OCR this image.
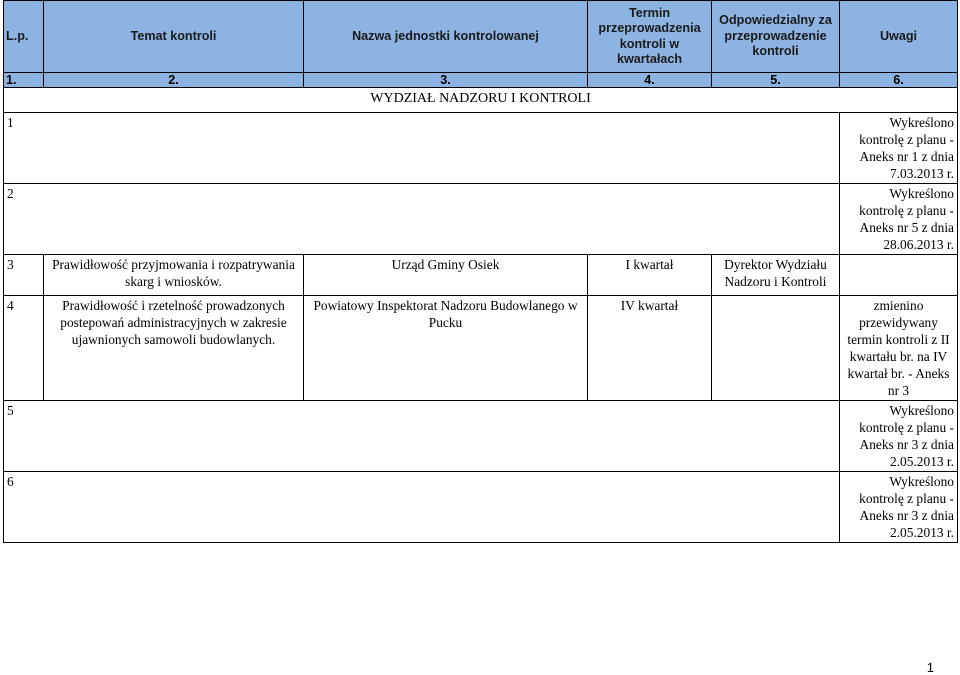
L.p.	Temat kontroli	Nazwa jednostki kontrolowanej	Termin przeprowadzenia kontroli w kwartałach	Odpowiedzialny za przeprowadzenie kontroli	Uwagi
1.	2.	3.	4.	5.	6.
WYDZIAŁ NADZORU I KONTROLI					
1					Wykreślono kontrolę z planu - Aneks nr 1 z dnia 7.03.2013 r.
2					Wykreślono kontrolę z planu - Aneks nr 5 z dnia 28.06.2013 r.
3	Prawidłowość przyjmowania i rozpatrywania skarg i wniosków.	Urząd Gminy Osiek	I kwartał	Dyrektor Wydziału Nadzoru i Kontroli	
4	Prawidłowość i rzetelność prowadzonych postepowań administracyjnych w zakresie ujawnionych samowoli budowlanych.	Powiatowy Inspektorat Nadzoru Budowlanego w Pucku	IV kwartał		zmienino przewidywany termin kontroli z II kwartału br. na IV kwartał br. - Aneks nr 3
5					Wykreślono kontrolę z planu - Aneks nr 3 z dnia 2.05.2013 r.
6					Wykreślono kontrolę z planu - Aneks nr 3 z dnia 2.05.2013 r.
1
